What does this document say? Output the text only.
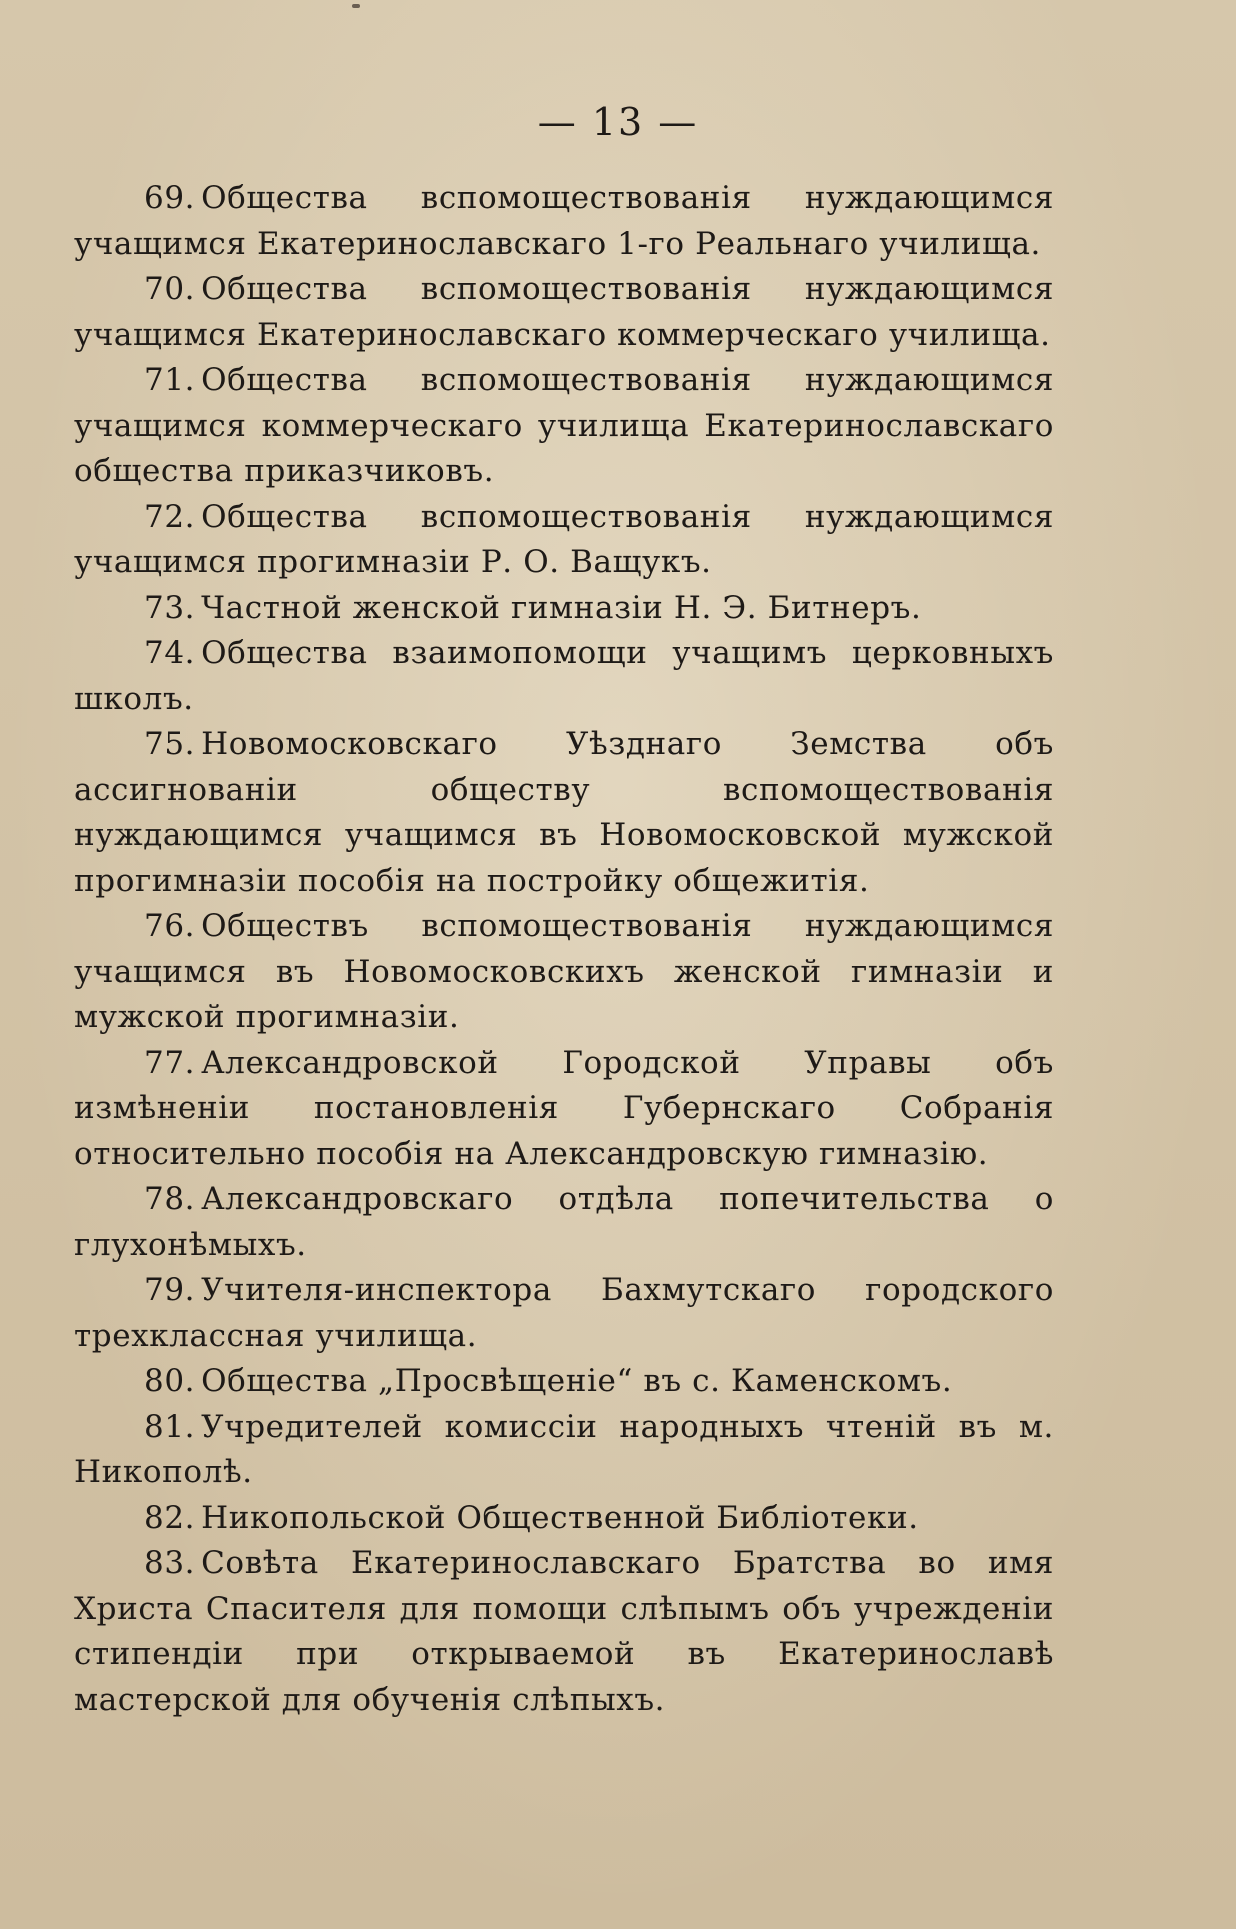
— 13 —

69. Общества вспомоществованія нуждающимся учащимся Екатеринославскаго 1-го Реальнаго училища.

70. Общества вспомоществованія нуждающимся учащимся Екатеринославскаго коммерческаго училища.

71. Общества вспомоществованія нуждающимся учащимся коммерческаго училища Екатеринославскаго общества приказчиковъ.

72. Общества вспомоществованія нуждающимся учащимся прогимназіи Р. О. Ващукъ.

73. Частной женской гимназіи Н. Э. Битнеръ.

74. Общества взаимопомощи учащимъ церковныхъ школъ.

75. Новомосковскаго Уѣзднаго Земства объ ассигнованіи обществу вспомоществованія нуждающимся учащимся въ Новомосковской мужской прогимназіи пособія на постройку общежитія.

76. Обществъ вспомоществованія нуждающимся учащимся въ Новомосковскихъ женской гимназіи и мужской прогимназіи.

77. Александровской Городской Управы объ измѣненіи постановленія Губернскаго Собранія относительно пособія на Александровскую гимназію.

78. Александровскаго отдѣла попечительства о глухонѣмыхъ.

79. Учителя-инспектора Бахмутскаго городского трехклассная училища.

80. Общества „Просвѣщеніе“ въ с. Каменскомъ.

81. Учредителей комиссіи народныхъ чтеній въ м. Никополѣ.

82. Никопольской Общественной Библіотеки.

83. Совѣта Екатеринославскаго Братства во имя Христа Спасителя для помощи слѣпымъ объ учрежденіи стипендіи при открываемой въ Екатеринославѣ мастерской для обученія слѣпыхъ.
